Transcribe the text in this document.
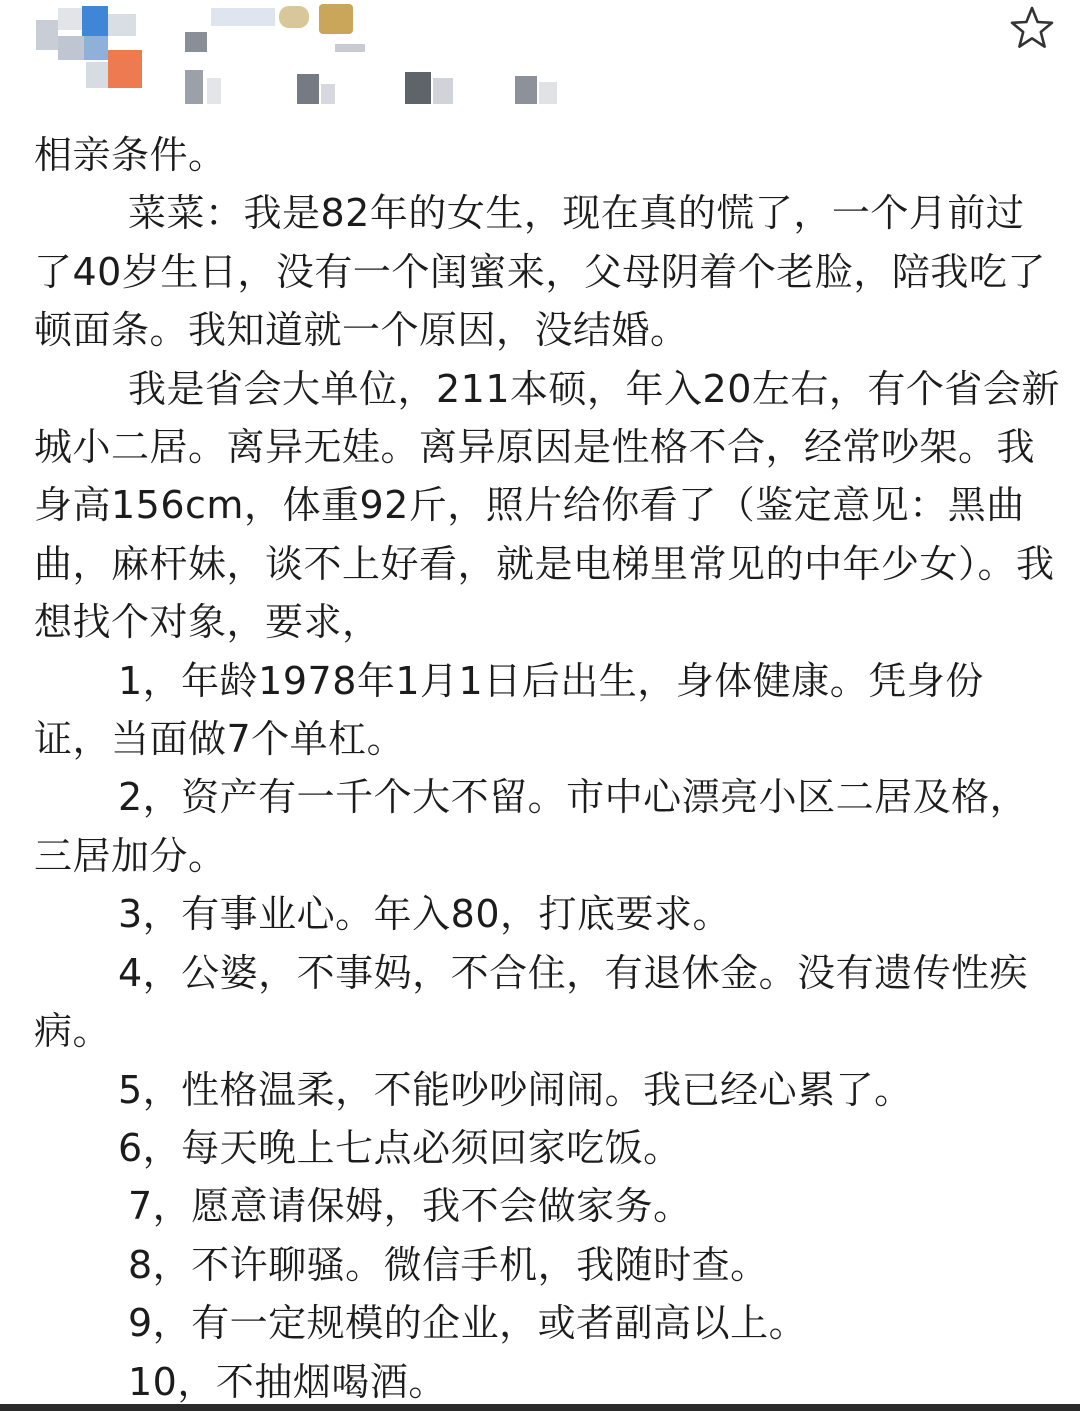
相亲条件。

菜菜：我是82年的女生，现在真的慌了，一个月前过了40岁生日，没有一个闺蜜来，父母阴着个老脸，陪我吃了顿面条。我知道就一个原因，没结婚。

我是省会大单位，211本硕，年入20左右，有个省会新城小二居。离异无娃。离异原因是性格不合，经常吵架。我身高156cm，体重92斤，照片给你看了（鉴定意见：黑曲曲，麻杆妹，谈不上好看，就是电梯里常见的中年少女）。我想找个对象，要求，

1，年龄1978年1月1日后出生，身体健康。凭身份证，当面做7个单杠。

2，资产有一千个大不留。市中心漂亮小区二居及格，三居加分。

3，有事业心。年入80，打底要求。

4，公婆，不事妈，不合住，有退休金。没有遗传性疾病。

5，性格温柔，不能吵吵闹闹。我已经心累了。

6，每天晚上七点必须回家吃饭。

7，愿意请保姆，我不会做家务。

8，不许聊骚。微信手机，我随时查。

9，有一定规模的企业，或者副高以上。

10，不抽烟喝酒。
